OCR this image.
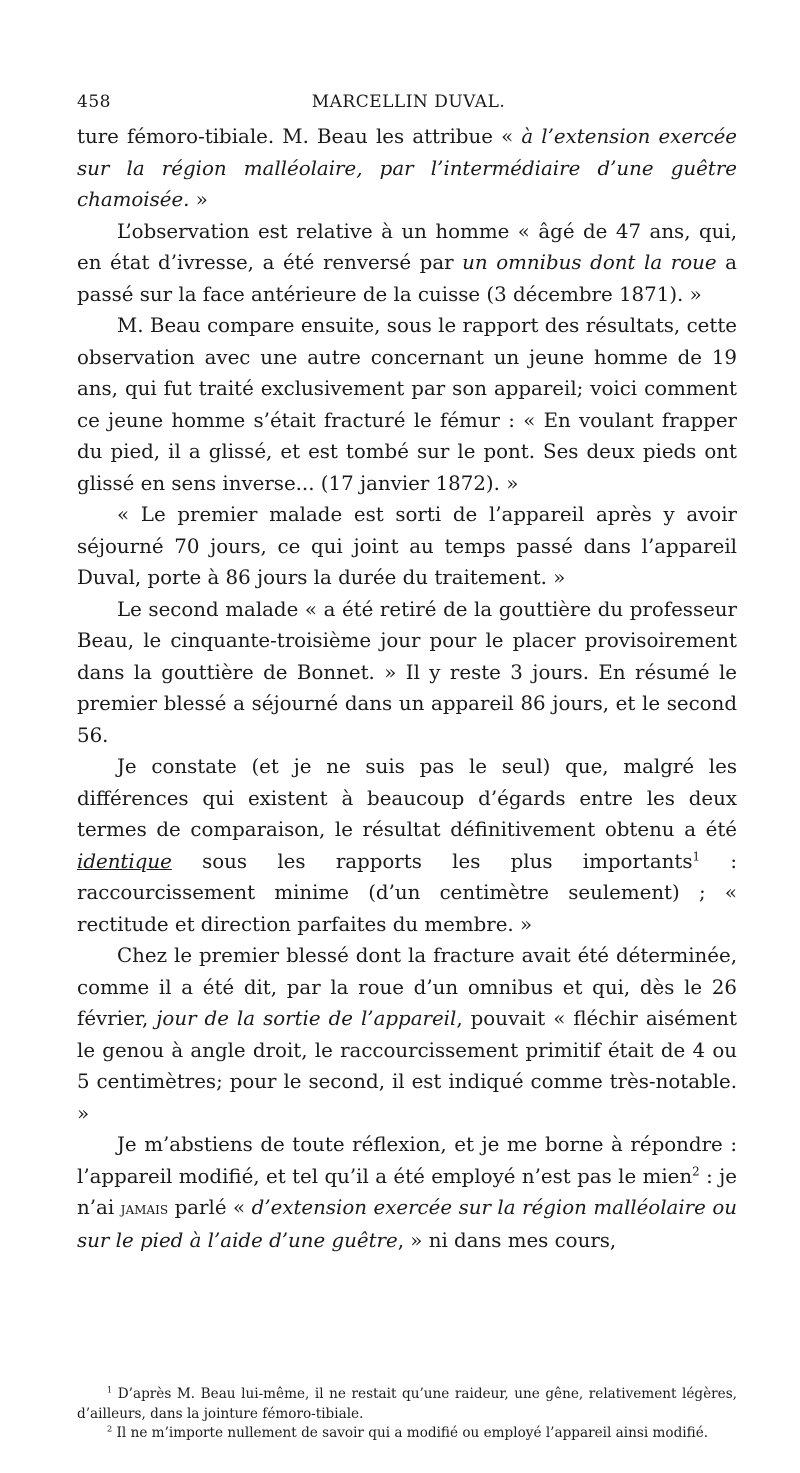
458	MARCELLIN DUVAL.

ture fémoro-tibiale. M. Beau les attribue « à l’extension exercée sur la région malléolaire, par l’intermédiaire d’une guêtre chamoisée. »

L’observation est relative à un homme « âgé de 47 ans, qui, en état d’ivresse, a été renversé par un omnibus dont la roue a passé sur la face antérieure de la cuisse (3 décembre 1871). »

M. Beau compare ensuite, sous le rapport des résultats, cette observation avec une autre concernant un jeune homme de 19 ans, qui fut traité exclusivement par son appareil; voici comment ce jeune homme s’était fracturé le fémur : « En voulant frapper du pied, il a glissé, et est tombé sur le pont. Ses deux pieds ont glissé en sens inverse... (17 janvier 1872). »

« Le premier malade est sorti de l’appareil après y avoir séjourné 70 jours, ce qui joint au temps passé dans l’appareil Duval, porte à 86 jours la durée du traitement. »

Le second malade « a été retiré de la gouttière du professeur Beau, le cinquante-troisième jour pour le placer provisoirement dans la gouttière de Bonnet. » Il y reste 3 jours. En résumé le premier blessé a séjourné dans un appareil 86 jours, et le second 56.

Je constate (et je ne suis pas le seul) que, malgré les différences qui existent à beaucoup d’égards entre les deux termes de comparaison, le résultat définitivement obtenu a été identique sous les rapports les plus importants$^1$ : raccourcissement minime (d’un centimètre seulement) ; « rectitude et direction parfaites du membre. »

Chez le premier blessé dont la fracture avait été déterminée, comme il a été dit, par la roue d’un omnibus et qui, dès le 26 février, jour de la sortie de l’appareil, pouvait « fléchir aisément le genou à angle droit, le raccourcissement primitif était de 4 ou 5 centimètres; pour le second, il est indiqué comme très-notable. »

Je m’abstiens de toute réflexion, et je me borne à répondre : l’appareil modifié, et tel qu’il a été employé n’est pas le mien$^2$ : je n’ai jamais parlé « d’extension exercée sur la région malléolaire ou sur le pied à l’aide d’une guêtre, » ni dans mes cours,

$^1$ D’après M. Beau lui-même, il ne restait qu’une raideur, une gêne, relativement légères, d’ailleurs, dans la jointure fémoro-tibiale.

$^2$ Il ne m’importe nullement de savoir qui a modifié ou employé l’appareil ainsi modifié.
